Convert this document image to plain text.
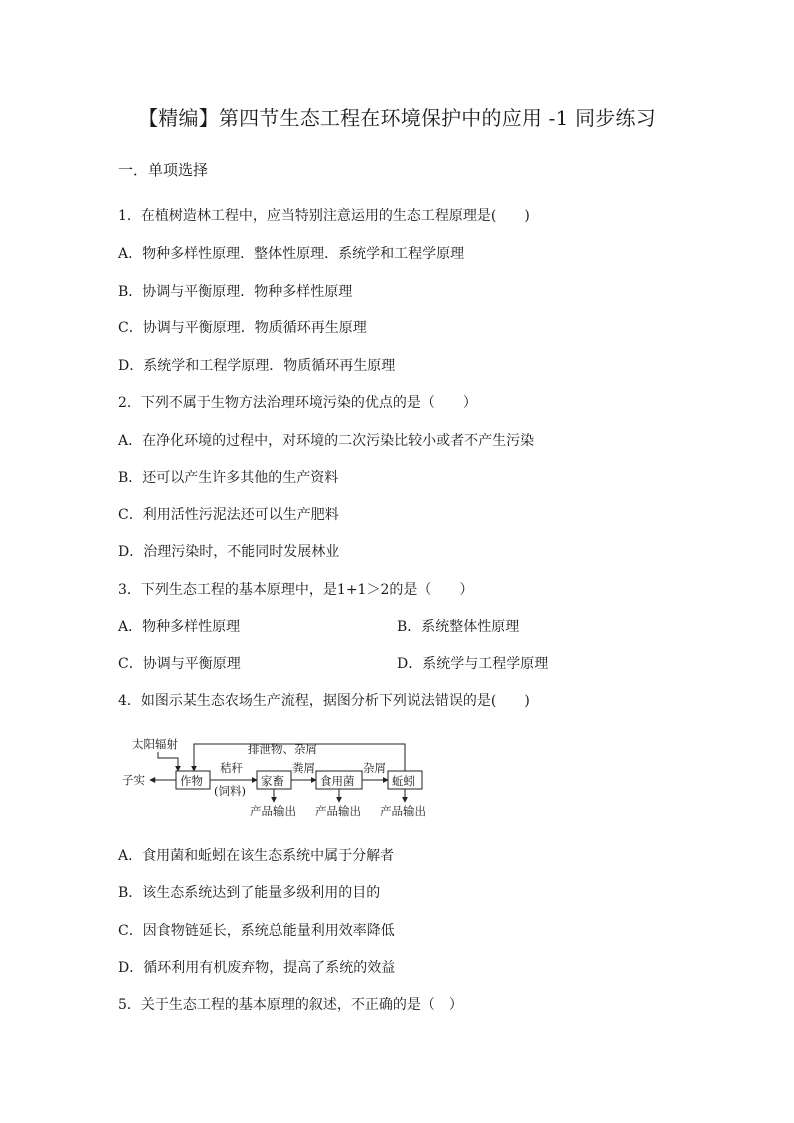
【精编】第四节生态工程在环境保护中的应用 -1 同步练习
一．单项选择
1．在植树造林工程中，应当特别注意运用的生态工程原理是(　　)
A．物种多样性原理．整体性原理．系统学和工程学原理
B．协调与平衡原理．物种多样性原理
C．协调与平衡原理．物质循环再生原理
D．系统学和工程学原理．物质循环再生原理
2．下列不属于生物方法治理环境污染的优点的是（　　）
A．在净化环境的过程中，对环境的二次污染比较小或者不产生污染
B．还可以产生许多其他的生产资料
C．利用活性污泥法还可以生产肥料
D．治理污染时，不能同时发展林业
3．下列生态工程的基本原理中，是1+1＞2的是（　　）
A．物种多样性原理	B．系统整体性原理
C．协调与平衡原理	D．系统学与工程学原理
4．如图示某生态农场生产流程，据图分析下列说法错误的是(　　)
太阳辐射	排泄物、杂屑
作物	家畜	食用菌	蚯蚓
子实
秸秆
(饲料)
粪屑	杂屑
产品输出 产品输出 产品输出
A．食用菌和蚯蚓在该生态系统中属于分解者
B．该生态系统达到了能量多级利用的目的
C．因食物链延长，系统总能量利用效率降低
D．循环利用有机废弃物，提高了系统的效益
5．关于生态工程的基本原理的叙述，不正确的是（　）
